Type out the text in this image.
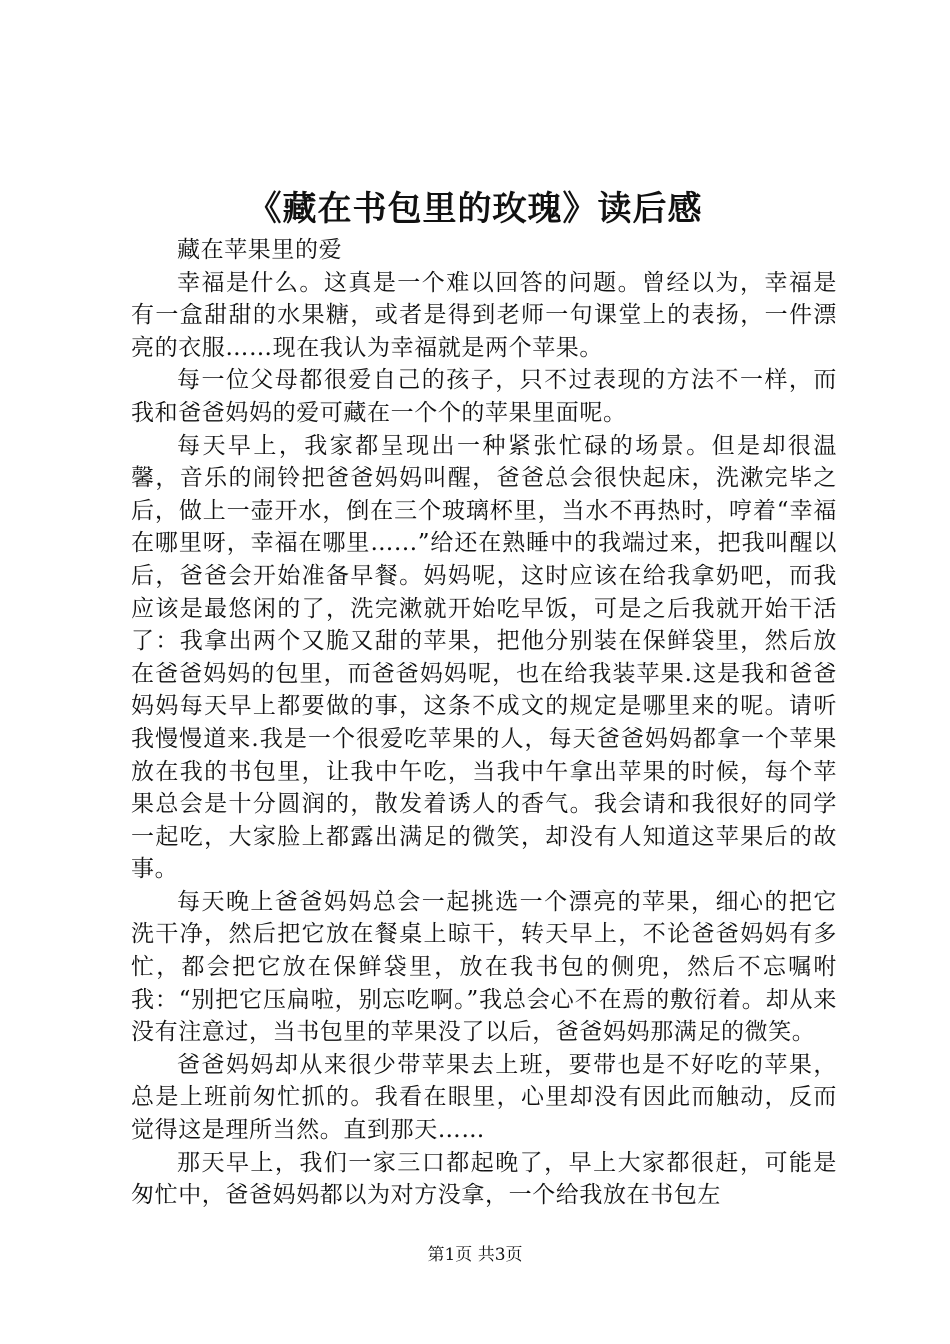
《藏在书包里的玫瑰》读后感

藏在苹果里的爱

幸福是什么。这真是一个难以回答的问题。曾经以为，幸福是有一盒甜甜的水果糖，或者是得到老师一句课堂上的表扬，一件漂亮的衣服……现在我认为幸福就是两个苹果。

每一位父母都很爱自己的孩子，只不过表现的方法不一样，而我和爸爸妈妈的爱可藏在一个个的苹果里面呢。

每天早上，我家都呈现出一种紧张忙碌的场景。但是却很温馨，音乐的闹铃把爸爸妈妈叫醒，爸爸总会很快起床，洗漱完毕之后，做上一壶开水，倒在三个玻璃杯里，当水不再热时，哼着“幸福在哪里呀，幸福在哪里…...”给还在熟睡中的我端过来，把我叫醒以后，爸爸会开始准备早餐。妈妈呢，这时应该在给我拿奶吧，而我应该是最悠闲的了，洗完漱就开始吃早饭，可是之后我就开始干活了：我拿出两个又脆又甜的苹果，把他分别装在保鲜袋里，然后放在爸爸妈妈的包里，而爸爸妈妈呢，也在给我装苹果.这是我和爸爸妈妈每天早上都要做的事，这条不成文的规定是哪里来的呢。请听我慢慢道来.我是一个很爱吃苹果的人，每天爸爸妈妈都拿一个苹果放在我的书包里，让我中午吃，当我中午拿出苹果的时候，每个苹果总会是十分圆润的，散发着诱人的香气。我会请和我很好的同学一起吃，大家脸上都露出满足的微笑，却没有人知道这苹果后的故事。

每天晚上爸爸妈妈总会一起挑选一个漂亮的苹果，细心的把它洗干净，然后把它放在餐桌上晾干，转天早上，不论爸爸妈妈有多忙，都会把它放在保鲜袋里，放在我书包的侧兜，然后不忘嘱咐我：“别把它压扁啦，别忘吃啊。”我总会心不在焉的敷衍着。却从来没有注意过，当书包里的苹果没了以后，爸爸妈妈那满足的微笑。

爸爸妈妈却从来很少带苹果去上班，要带也是不好吃的苹果，总是上班前匆忙抓的。我看在眼里，心里却没有因此而触动，反而觉得这是理所当然。直到那天……

那天早上，我们一家三口都起晚了，早上大家都很赶，可能是匆忙中，爸爸妈妈都以为对方没拿，一个给我放在书包左

第1页 共3页
